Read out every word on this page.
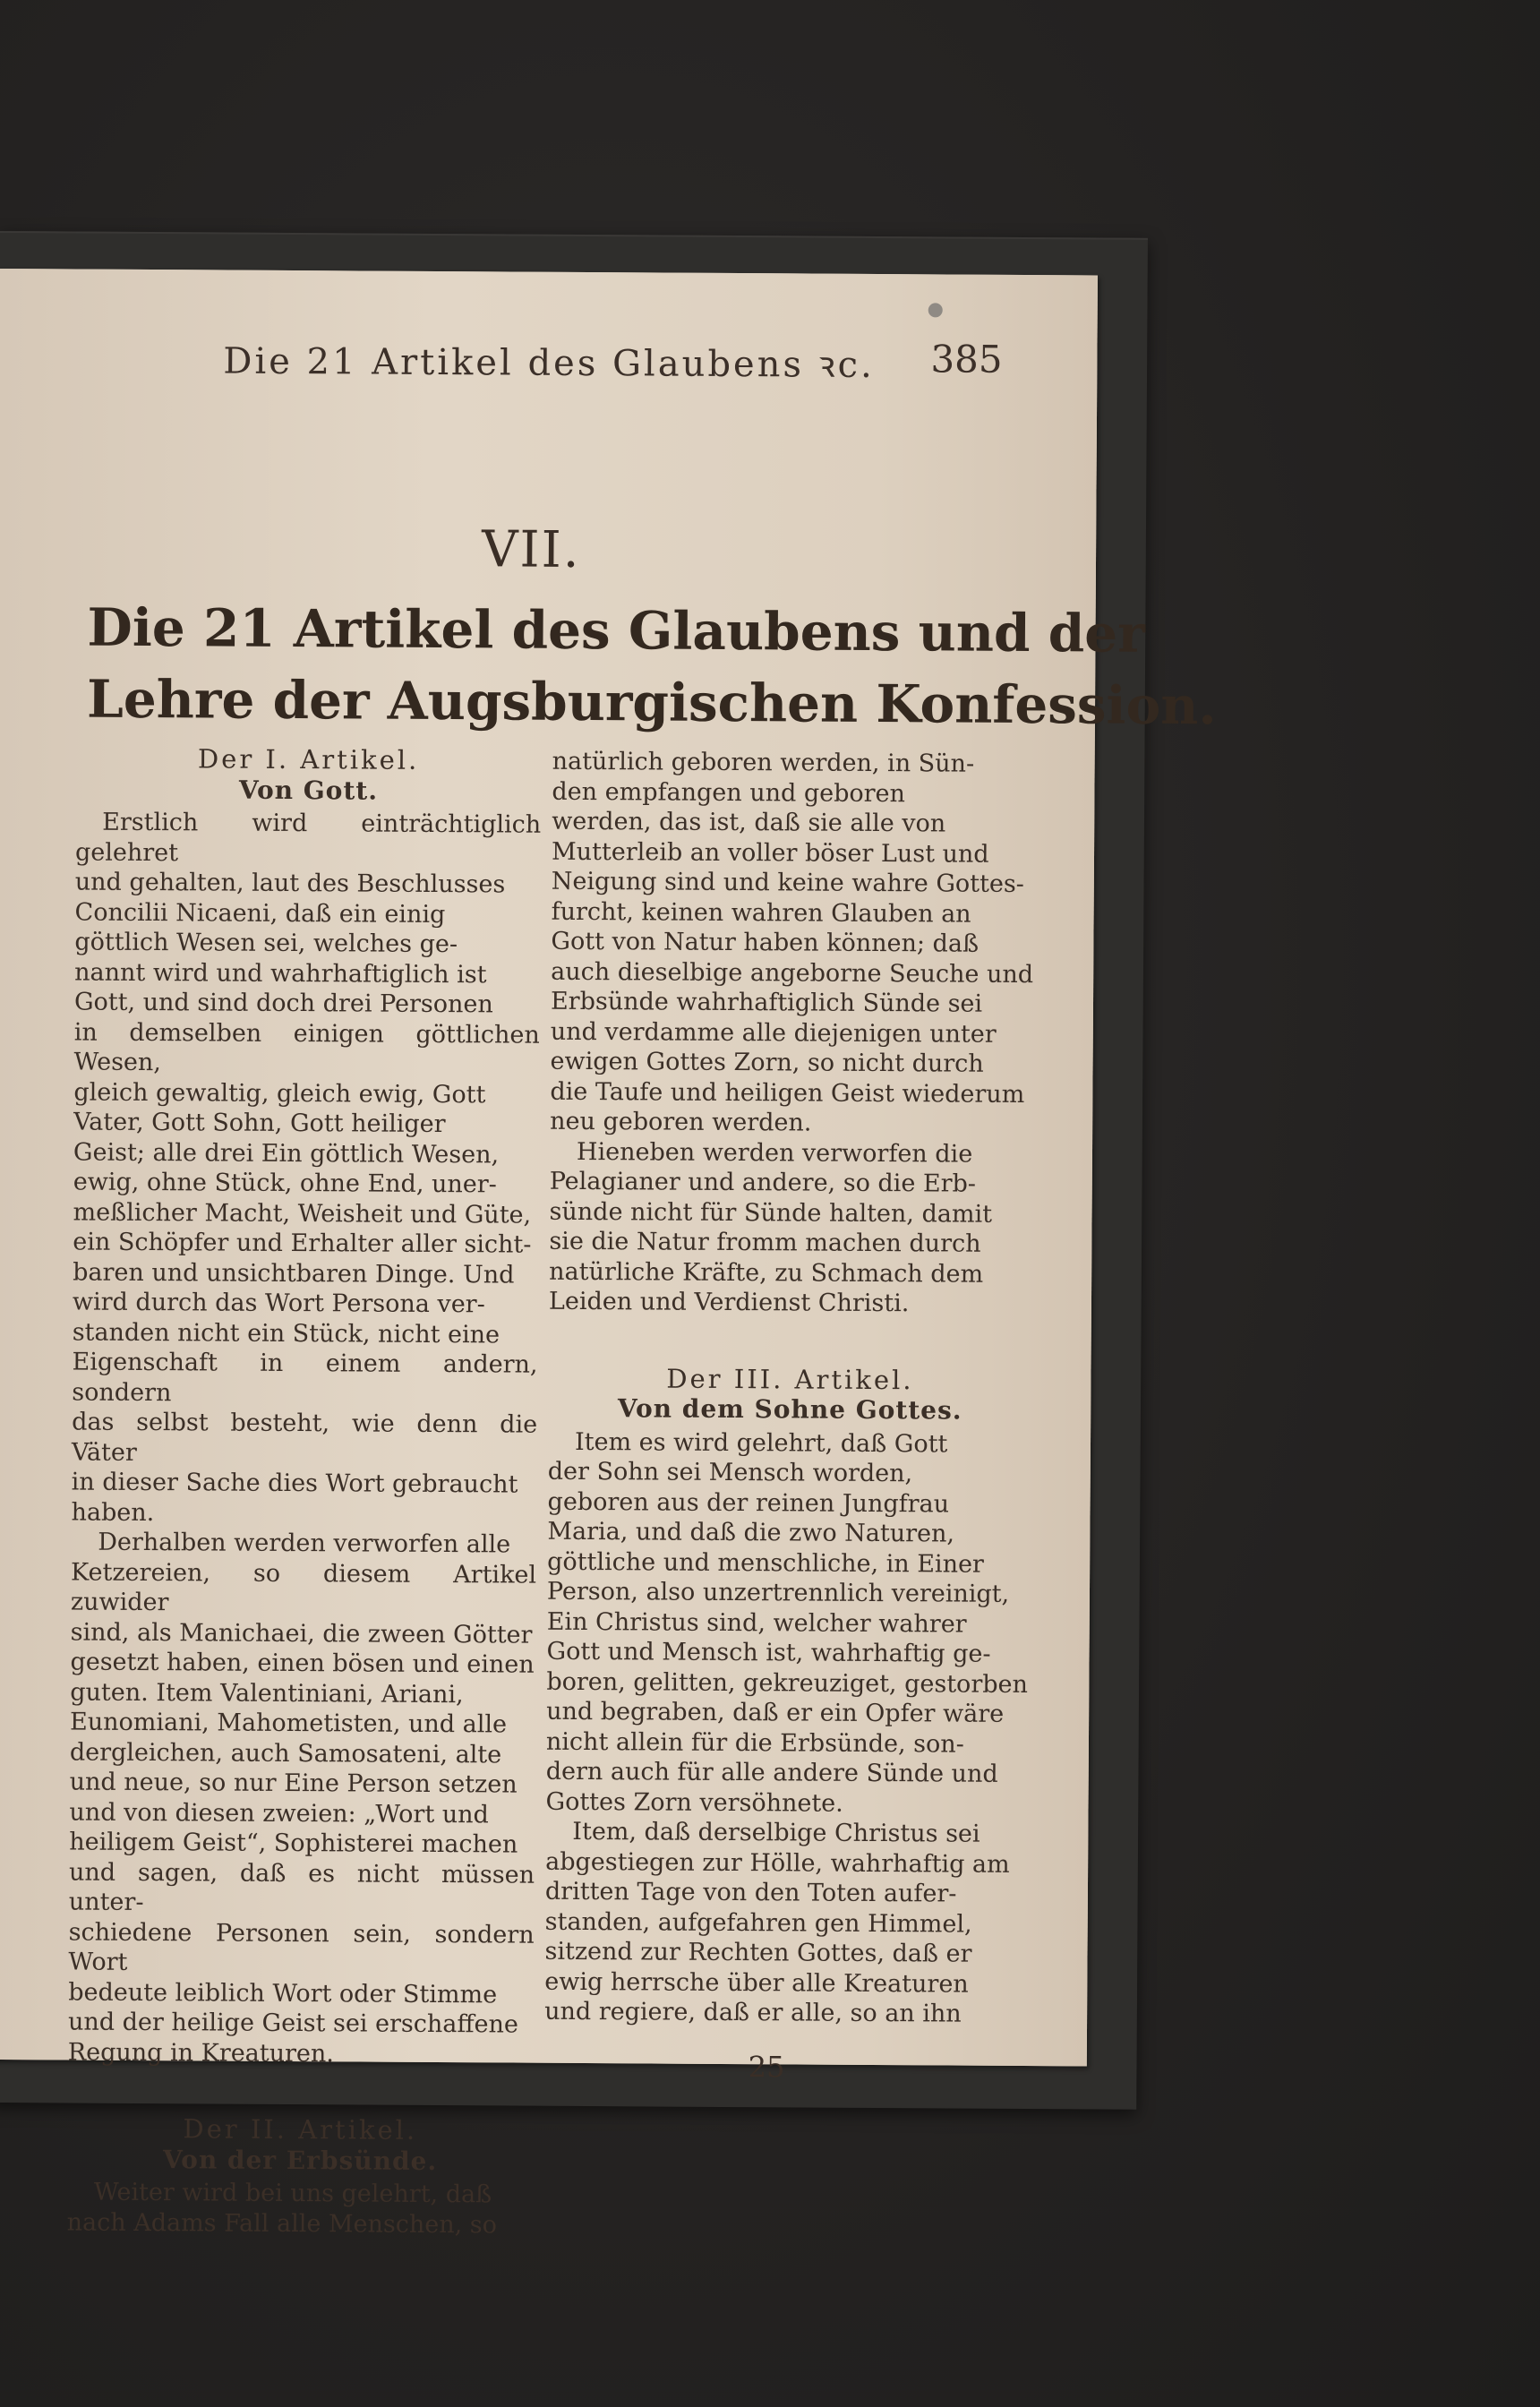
Die 21 Artikel des Glaubens ꝛc. 385
VII.
Die 21 Artikel des Glaubens und der
Lehre der Augsburgischen Konfession.

Der I. Artikel.

Von Gott.

Erstlich wird einträchtiglich gelehret
und gehalten, laut des Beschlusses
Concilii Nicaeni, daß ein einig
göttlich Wesen sei, welches ge-
nannt wird und wahrhaftiglich ist
Gott, und sind doch drei Personen
in demselben einigen göttlichen Wesen,
gleich gewaltig, gleich ewig, Gott
Vater, Gott Sohn, Gott heiliger
Geist; alle drei Ein göttlich Wesen,
ewig, ohne Stück, ohne End, uner-
meßlicher Macht, Weisheit und Güte,
ein Schöpfer und Erhalter aller sicht-
baren und unsichtbaren Dinge. Und
wird durch das Wort Persona ver-
standen nicht ein Stück, nicht eine
Eigenschaft in einem andern, sondern
das selbst besteht, wie denn die Väter
in dieser Sache dies Wort gebraucht
haben.

Derhalben werden verworfen alle
Ketzereien, so diesem Artikel zuwider
sind, als Manichaei, die zween Götter
gesetzt haben, einen bösen und einen
guten. Item Valentiniani, Ariani,
Eunomiani, Mahometisten, und alle
dergleichen, auch Samosateni, alte
und neue, so nur Eine Person setzen
und von diesen zweien: „Wort und
heiligem Geist“, Sophisterei machen
und sagen, daß es nicht müssen unter-
schiedene Personen sein, sondern Wort
bedeute leiblich Wort oder Stimme
und der heilige Geist sei erschaffene
Regung in Kreaturen.

Der II. Artikel.

Von der Erbsünde.

Weiter wird bei uns gelehrt, daß
nach Adams Fall alle Menschen, so

natürlich geboren werden, in Sün-
den empfangen und geboren
werden, das ist, daß sie alle von
Mutterleib an voller böser Lust und
Neigung sind und keine wahre Gottes-
furcht, keinen wahren Glauben an
Gott von Natur haben können; daß
auch dieselbige angeborne Seuche und
Erbsünde wahrhaftiglich Sünde sei
und verdamme alle diejenigen unter
ewigen Gottes Zorn, so nicht durch
die Taufe und heiligen Geist wiederum
neu geboren werden.

Hieneben werden verworfen die
Pelagianer und andere, so die Erb-
sünde nicht für Sünde halten, damit
sie die Natur fromm machen durch
natürliche Kräfte, zu Schmach dem
Leiden und Verdienst Christi.

Der III. Artikel.

Von dem Sohne Gottes.

Item es wird gelehrt, daß Gott
der Sohn sei Mensch worden,
geboren aus der reinen Jungfrau
Maria, und daß die zwo Naturen,
göttliche und menschliche, in Einer
Person, also unzertrennlich vereinigt,
Ein Christus sind, welcher wahrer
Gott und Mensch ist, wahrhaftig ge-
boren, gelitten, gekreuziget, gestorben
und begraben, daß er ein Opfer wäre
nicht allein für die Erbsünde, son-
dern auch für alle andere Sünde und
Gottes Zorn versöhnete.

Item, daß derselbige Christus sei
abgestiegen zur Hölle, wahrhaftig am
dritten Tage von den Toten aufer-
standen, aufgefahren gen Himmel,
sitzend zur Rechten Gottes, daß er
ewig herrsche über alle Kreaturen
und regiere, daß er alle, so an ihn

25
